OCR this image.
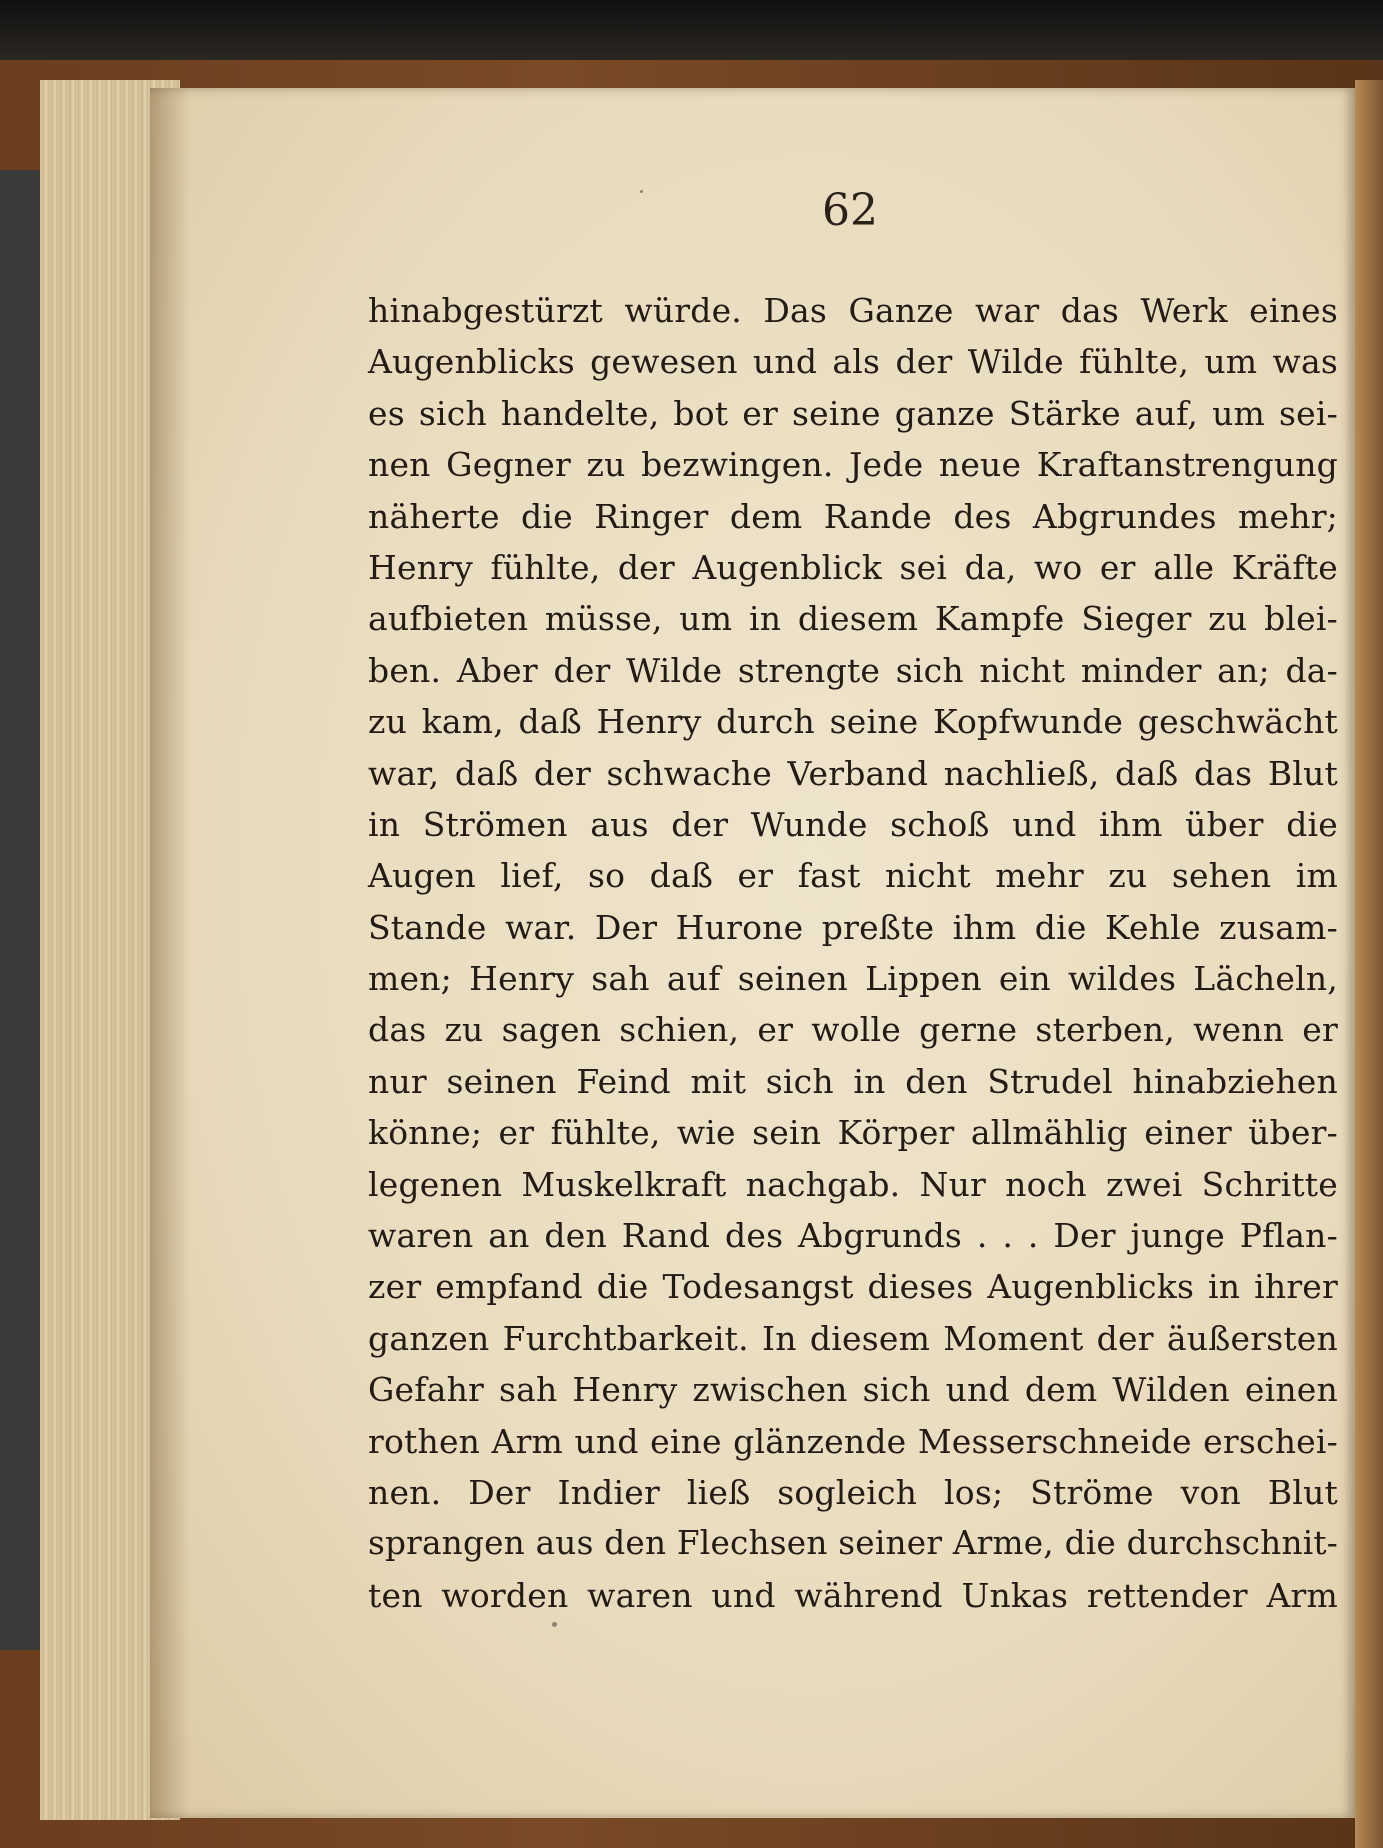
62
hinabgestürzt würde. Das Ganze war das Werk eines
Augenblicks gewesen und als der Wilde fühlte, um was
es sich handelte, bot er seine ganze Stärke auf, um sei-
nen Gegner zu bezwingen. Jede neue Kraftanstrengung
näherte die Ringer dem Rande des Abgrundes mehr;
Henry fühlte, der Augenblick sei da, wo er alle Kräfte
aufbieten müsse, um in diesem Kampfe Sieger zu blei-
ben. Aber der Wilde strengte sich nicht minder an; da-
zu kam, daß Henry durch seine Kopfwunde geschwächt
war, daß der schwache Verband nachließ, daß das Blut
in Strömen aus der Wunde schoß und ihm über die
Augen lief, so daß er fast nicht mehr zu sehen im
Stande war. Der Hurone preßte ihm die Kehle zusam-
men; Henry sah auf seinen Lippen ein wildes Lächeln,
das zu sagen schien, er wolle gerne sterben, wenn er
nur seinen Feind mit sich in den Strudel hinabziehen
könne; er fühlte, wie sein Körper allmählig einer über-
legenen Muskelkraft nachgab. Nur noch zwei Schritte
waren an den Rand des Abgrunds . . . Der junge Pflan-
zer empfand die Todesangst dieses Augenblicks in ihrer
ganzen Furchtbarkeit. In diesem Moment der äußersten
Gefahr sah Henry zwischen sich und dem Wilden einen
rothen Arm und eine glänzende Messerschneide erschei-
nen. Der Indier ließ sogleich los; Ströme von Blut
sprangen aus den Flechsen seiner Arme, die durchschnit-
ten worden waren und während Unkas rettender Arm
